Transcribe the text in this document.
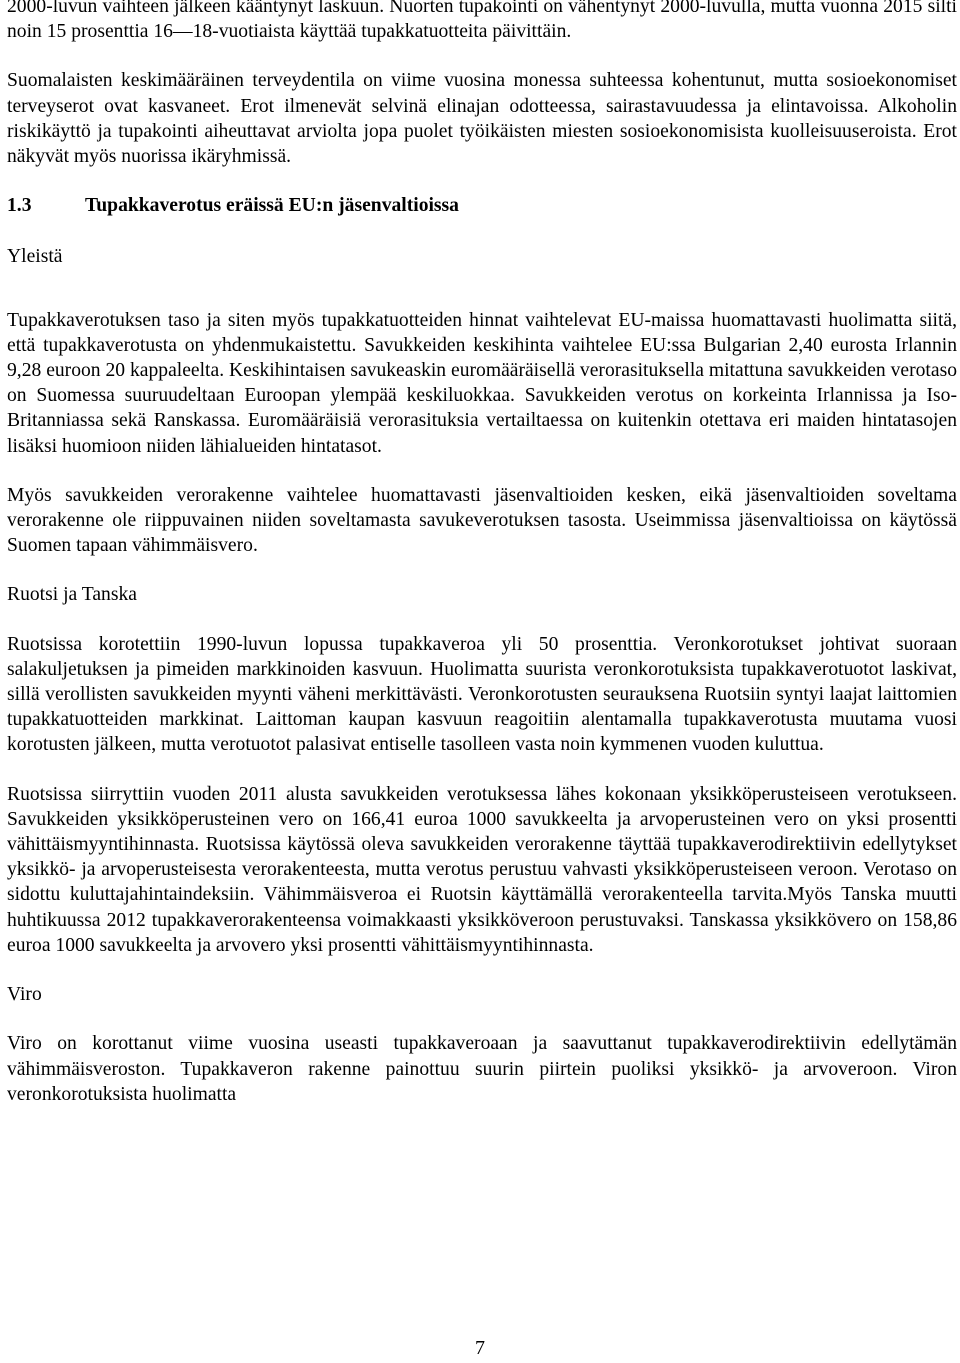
2000-luvun vaihteen jälkeen kääntynyt laskuun. Nuorten tupakointi on vähentynyt 2000-luvulla, mutta vuonna 2015 silti noin 15 prosenttia 16—18-vuotiaista käyttää tupakkatuotteita päivittäin.

Suomalaisten keskimääräinen terveydentila on viime vuosina monessa suhteessa kohentunut, mutta sosioekonomiset terveyserot ovat kasvaneet. Erot ilmenevät selvinä elinajan odotteessa, sairastavuudessa ja elintavoissa. Alkoholin riskikäyttö ja tupakointi aiheuttavat arviolta jopa puolet työikäisten miesten sosioekonomisista kuolleisuuseroista. Erot näkyvät myös nuorissa ikäryhmissä.

1.3	Tupakkaverotus eräissä EU:n jäsenvaltioissa

Yleistä

Tupakkaverotuksen taso ja siten myös tupakkatuotteiden hinnat vaihtelevat EU-maissa huomattavasti huolimatta siitä, että tupakkaverotusta on yhdenmukaistettu. Savukkeiden keskihinta vaihtelee EU:ssa Bulgarian 2,40 eurosta Irlannin 9,28 euroon 20 kappaleelta. Keskihintaisen savukeaskin euromääräisellä verorasituksella mitattuna savukkeiden verotaso on Suomessa suuruudeltaan Euroopan ylempää keskiluokkaa. Savukkeiden verotus on korkeinta Irlannissa ja Iso-Britanniassa sekä Ranskassa. Euromääräisiä verorasituksia vertailtaessa on kuitenkin otettava eri maiden hintatasojen lisäksi huomioon niiden lähialueiden hintatasot.

Myös savukkeiden verorakenne vaihtelee huomattavasti jäsenvaltioiden kesken, eikä jäsenvaltioiden soveltama verorakenne ole riippuvainen niiden soveltamasta savukeverotuksen tasosta. Useimmissa jäsenvaltioissa on käytössä Suomen tapaan vähimmäisvero.

Ruotsi ja Tanska

Ruotsissa korotettiin 1990-luvun lopussa tupakkaveroa yli 50 prosenttia. Veronkorotukset johtivat suoraan salakuljetuksen ja pimeiden markkinoiden kasvuun. Huolimatta suurista veronkorotuksista tupakkaverotuotot laskivat, sillä verollisten savukkeiden myynti väheni merkittävästi. Veronkorotusten seurauksena Ruotsiin syntyi laajat laittomien tupakkatuotteiden markkinat. Laittoman kaupan kasvuun reagoitiin alentamalla tupakkaverotusta muutama vuosi korotusten jälkeen, mutta verotuotot palasivat entiselle tasolleen vasta noin kymmenen vuoden kuluttua.

Ruotsissa siirryttiin vuoden 2011 alusta savukkeiden verotuksessa lähes kokonaan yksikköperusteiseen verotukseen. Savukkeiden yksikköperusteinen vero on 166,41 euroa 1000 savukkeelta ja arvoperusteinen vero on yksi prosentti vähittäismyyntihinnasta. Ruotsissa käytössä oleva savukkeiden verorakenne täyttää tupakkaverodirektiivin edellytykset yksikkö- ja arvoperusteisesta verorakenteesta, mutta verotus perustuu vahvasti yksikköperusteiseen veroon. Verotaso on sidottu kuluttajahintaindeksiin. Vähimmäisveroa ei Ruotsin käyttämällä verorakenteella tarvita.Myös Tanska muutti huhtikuussa 2012 tupakkaverorakenteensa voimakkaasti yksikköveroon perustuvaksi. Tanskassa yksikkövero on 158,86 euroa 1000 savukkeelta ja arvovero yksi prosentti vähittäismyyntihinnasta.

Viro

Viro on korottanut viime vuosina useasti tupakkaveroaan ja saavuttanut tupakkaverodirektiivin edellytämän vähimmäisveroston. Tupakkaveron rakenne painottuu suurin piirtein puoliksi yksikkö- ja arvoveroon. Viron veronkorotuksista huolimatta

7
